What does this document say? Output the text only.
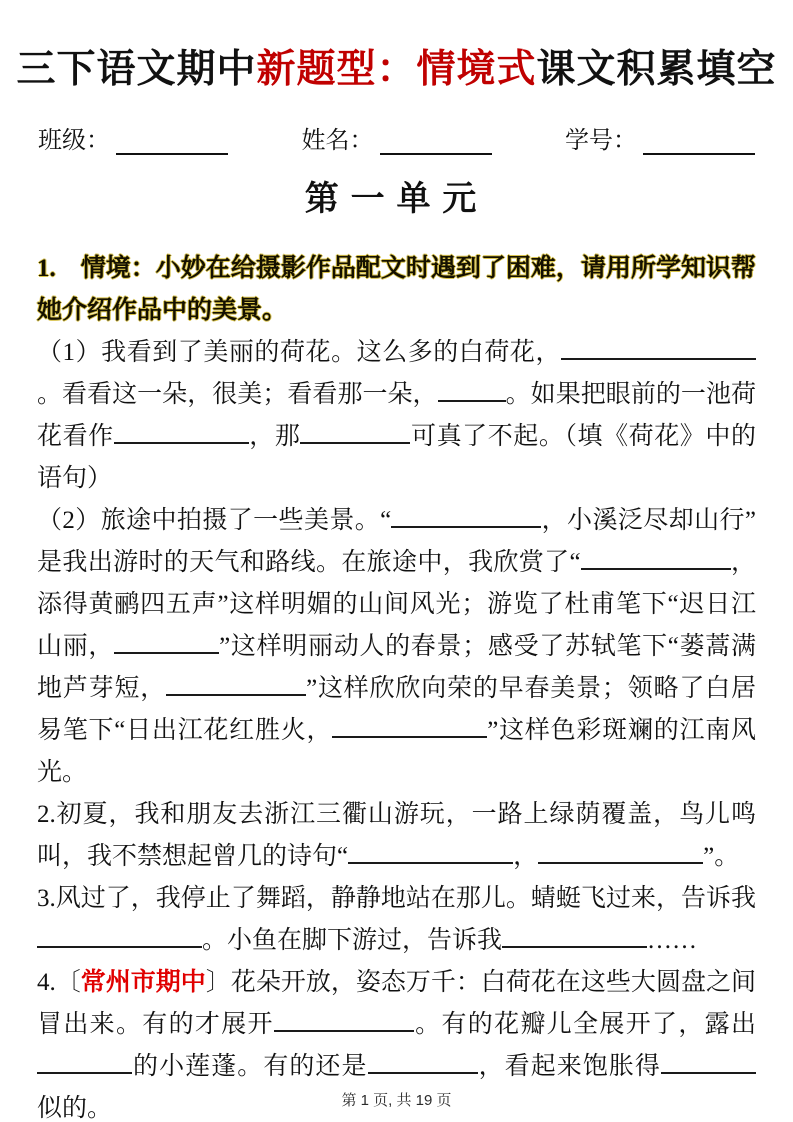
三下语文期中新题型：情境式课文积累填空
班级：	姓名：	学号：
第一单元

1.　情境：小妙在给摄影作品配文时遇到了困难，请用所学知识帮她介绍作品中的美景。

（1）我看到了美丽的荷花。这么多的白荷花，。看看这一朵，很美；看看那一朵，	。如果把眼前的一池荷花看作	，那	可真了不起。（填《荷花》中的语句）

（2）旅途中拍摄了一些美景。“	，小溪泛尽却山行”是我出游时的天气和路线。在旅途中，我欣赏了“	，添得黄鹂四五声”这样明媚的山间风光；游览了杜甫笔下“迟日江山丽，	”这样明丽动人的春景；感受了苏轼笔下“蒌蒿满地芦芽短，	”这样欣欣向荣的早春美景；领略了白居易笔下“日出江花红胜火，	”这样色彩斑斓的江南风光。

2.初夏，我和朋友去浙江三衢山游玩，一路上绿荫覆盖，鸟儿鸣叫，我不禁想起曾几的诗句“	，	”。

3.风过了，我停止了舞蹈，静静地站在那儿。蜻蜓飞过来，告诉我。小鱼在脚下游过，告诉我	……

4.〔常州市期中〕花朵开放，姿态万千：白荷花在这些大圆盘之间冒出来。有的才展开	。有的花瓣儿全展开了，露出的小莲蓬。有的还是	，看起来饱胀得似的。	第 1 页, 共 19 页
